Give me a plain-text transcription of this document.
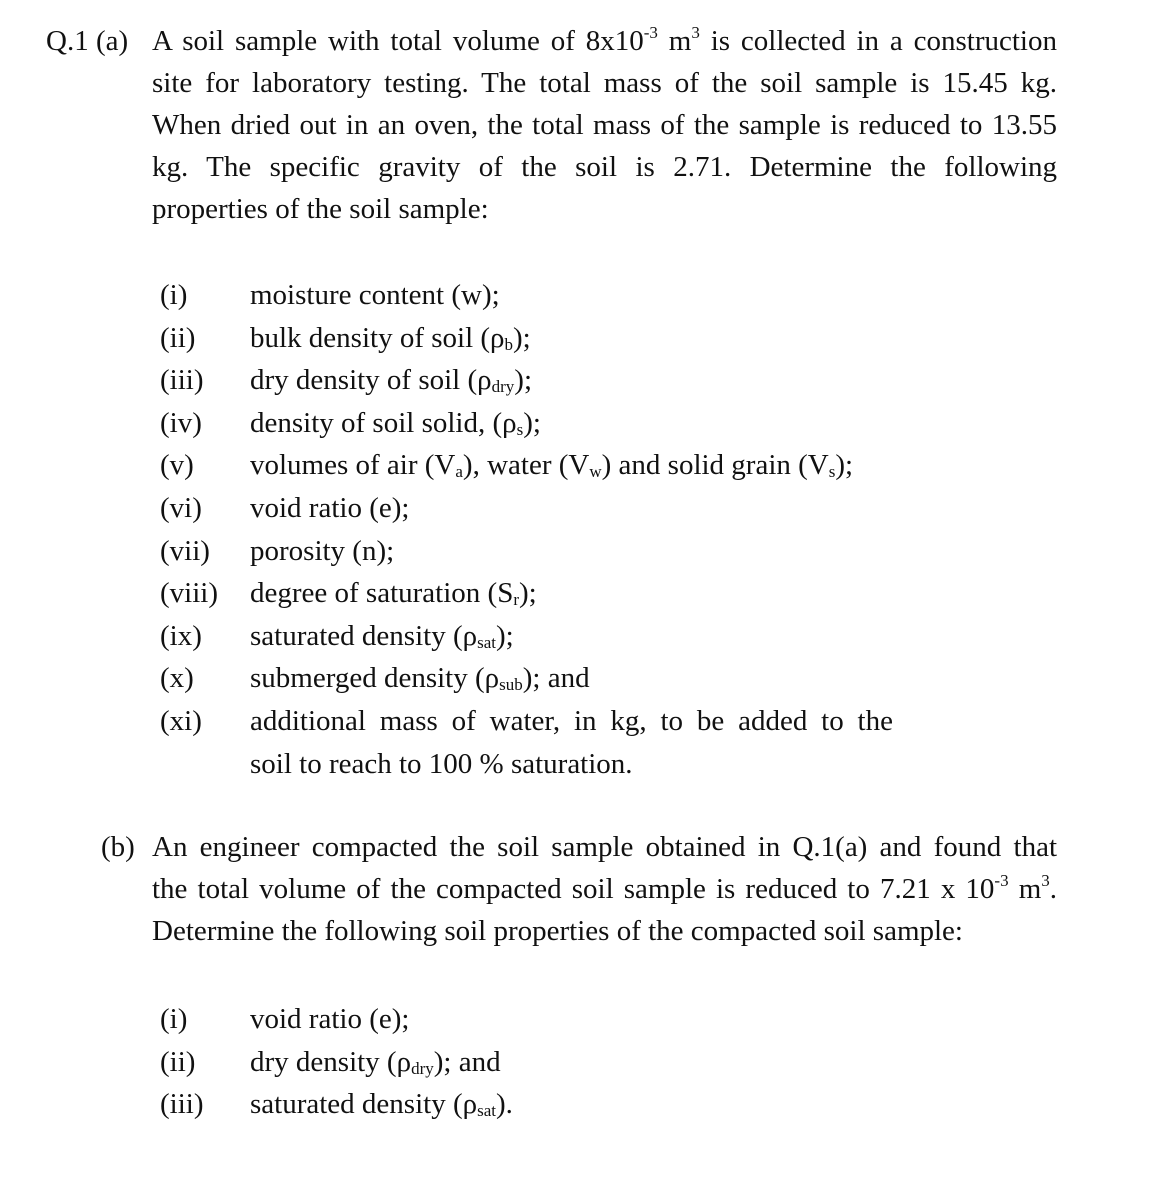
Q.1 (a) A soil sample with total volume of $8x10^{-3}$ $m^3$ is collected in a construction
site for laboratory testing. The total mass of the soil sample is 15.45 kg.
When dried out in an oven, the total mass of the sample is reduced to 13.55
kg. The specific gravity of the soil is 2.71. Determine the following
properties of the soil sample:
(i) moisture content (w);
(ii) bulk density of soil (ρb);
(iii) dry density of soil (ρdry);
(iv) density of soil solid, (ρs);
(v) volumes of air (Va), water (Vw) and solid grain (Vs);
(vi) void ratio (e);
(vii) porosity (n);
(viii) degree of saturation (Sr);
(ix) saturated density (ρsat);
(x) submerged density (ρsub); and
(xi) additional mass of water, in kg, to be added to the
soil to reach to 100 % saturation.
(b) An engineer compacted the soil sample obtained in Q.1(a) and found that
the total volume of the compacted soil sample is reduced to 7.21 x $10^{-3}$ $m^3$.
Determine the following soil properties of the compacted soil sample:
(i) void ratio (e);
(ii) dry density (ρdry); and
(iii) saturated density (ρsat).
